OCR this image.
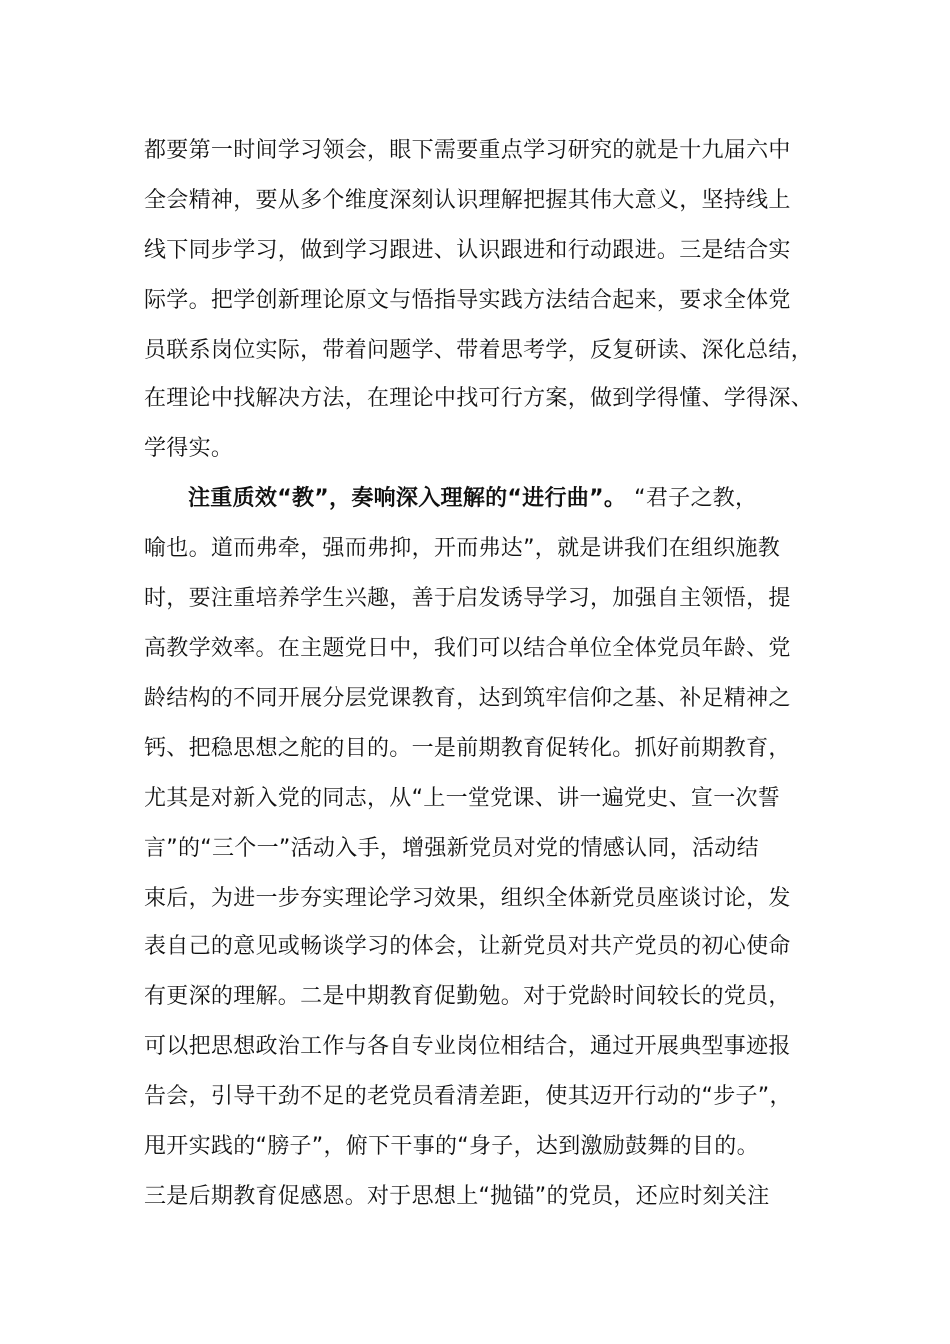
都要第一时间学习领会，眼下需要重点学习研究的就是十九届六中
全会精神，要从多个维度深刻认识理解把握其伟大意义，坚持线上
线下同步学习，做到学习跟进、认识跟进和行动跟进。三是结合实
际学。把学创新理论原文与悟指导实践方法结合起来，要求全体党
员联系岗位实际，带着问题学、带着思考学，反复研读、深化总结，
在理论中找解决方法，在理论中找可行方案，做到学得懂、学得深、
学得实。
注重质效“教”，奏响深入理解的“进行曲”。 “君子之教，
喻也。道而弗牵，强而弗抑，开而弗达”，就是讲我们在组织施教
时，要注重培养学生兴趣，善于启发诱导学习，加强自主领悟，提
高教学效率。在主题党日中，我们可以结合单位全体党员年龄、党
龄结构的不同开展分层党课教育，达到筑牢信仰之基、补足精神之
钙、把稳思想之舵的目的。一是前期教育促转化。抓好前期教育，
尤其是对新入党的同志，从“上一堂党课、讲一遍党史、宣一次誓
言”的“三个一”活动入手，增强新党员对党的情感认同，活动结
束后，为进一步夯实理论学习效果，组织全体新党员座谈讨论，发
表自己的意见或畅谈学习的体会，让新党员对共产党员的初心使命
有更深的理解。二是中期教育促勤勉。对于党龄时间较长的党员，
可以把思想政治工作与各自专业岗位相结合，通过开展典型事迹报
告会，引导干劲不足的老党员看清差距，使其迈开行动的“步子”，
甩开实践的“膀子”，俯下干事的“身子，达到激励鼓舞的目的。
三是后期教育促感恩。对于思想上“抛锚”的党员，还应时刻关注
